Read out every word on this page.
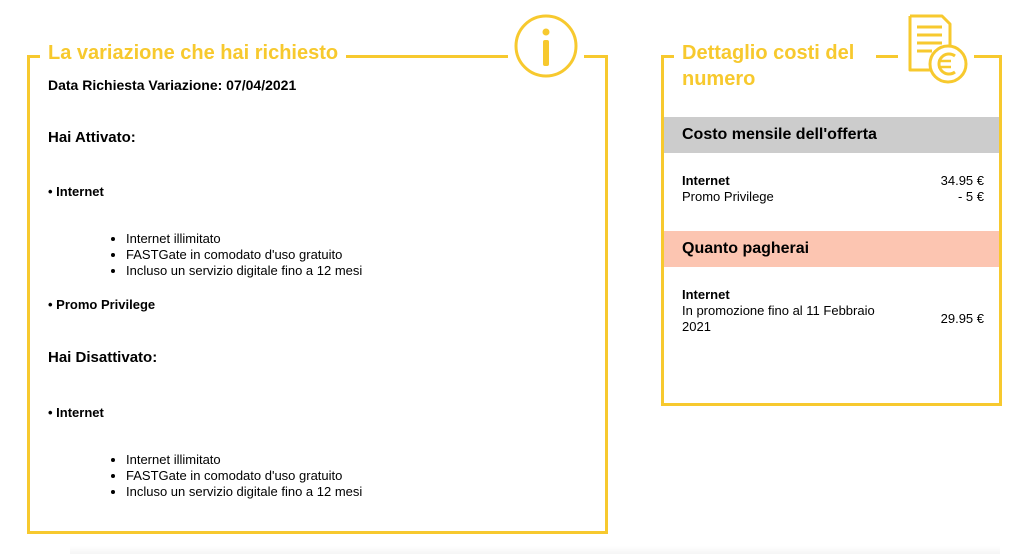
La variazione che hai richiesto
Data Richiesta Variazione: 07/04/2021
Hai Attivato:
• Internet
• Internet illimitato
• FASTGate in comodato d'uso gratuito
• Incluso un servizio digitale fino a 12 mesi
• Promo Privilege
Hai Disattivato:
• Internet
• Internet illimitato
• FASTGate in comodato d'uso gratuito
• Incluso un servizio digitale fino a 12 mesi
Dettaglio costi del numero
Costo mensile dell'offerta
Internet	34.95 €
Promo Privilege	- 5 €
Quanto pagherai
Internet
In promozione fino al 11 Febbraio 2021
29.95 €
